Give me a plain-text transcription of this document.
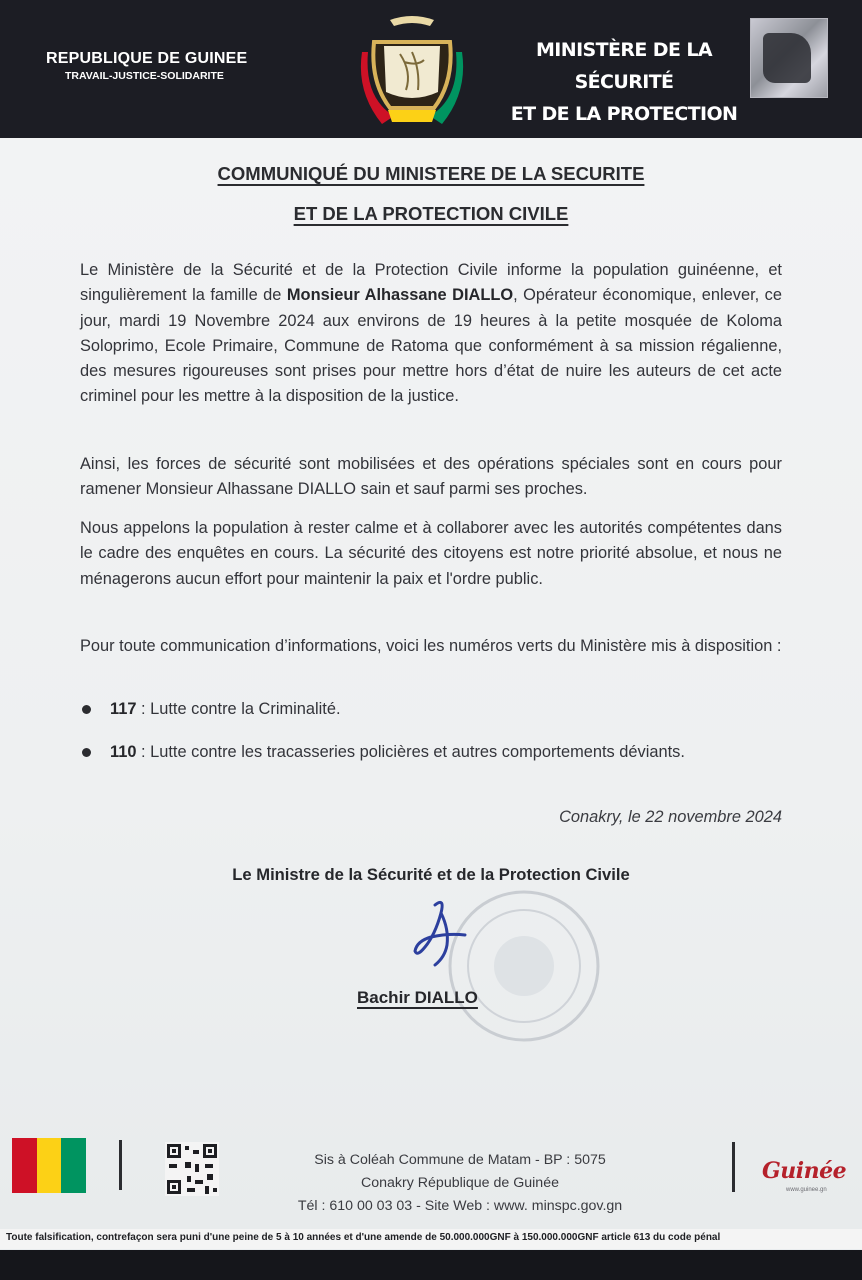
REPUBLIQUE DE GUINEE
TRAVAIL-JUSTICE-SOLIDARITE
MINISTÈRE DE LA SÉCURITÉ
ET DE LA PROTECTION
COMMUNIQUÉ DU MINISTERE DE LA SECURITE
ET DE LA PROTECTION CIVILE
Le Ministère de la Sécurité et de la Protection Civile informe la population guinéenne, et singulièrement la famille de Monsieur Alhassane DIALLO, Opérateur économique, enlever, ce jour, mardi 19 Novembre 2024 aux environs de 19 heures à la petite mosquée de Koloma Soloprimo, Ecole Primaire, Commune de Ratoma que conformément à sa mission régalienne, des mesures rigoureuses sont prises pour mettre hors d’état de nuire les auteurs de cet acte criminel pour les mettre à la disposition de la justice.
Ainsi, les forces de sécurité sont mobilisées et des opérations spéciales sont en cours pour ramener Monsieur Alhassane DIALLO sain et sauf parmi ses proches.
Nous appelons la population à rester calme et à collaborer avec les autorités compétentes dans le cadre des enquêtes en cours. La sécurité des citoyens est notre priorité absolue, et nous ne ménagerons aucun effort pour maintenir la paix et l'ordre public.
Pour toute communication d’informations, voici les numéros verts du Ministère mis à disposition :
117 : Lutte contre la Criminalité.
110 : Lutte contre les tracasseries policières et autres comportements déviants.
Conakry, le 22 novembre 2024
Le Ministre de la Sécurité et de la Protection Civile
Bachir DIALLO
Sis à Coléah Commune de Matam - BP : 5075
Conakry République de Guinée
Tél : 610 00 03 03 - Site Web : www. minspc.gov.gn
Guinée
www.guinee.gn
Toute falsification, contrefaçon sera puni d'une peine de 5 à 10 années et d'une amende de 50.000.000GNF à 150.000.000GNF article 613 du code pénal
